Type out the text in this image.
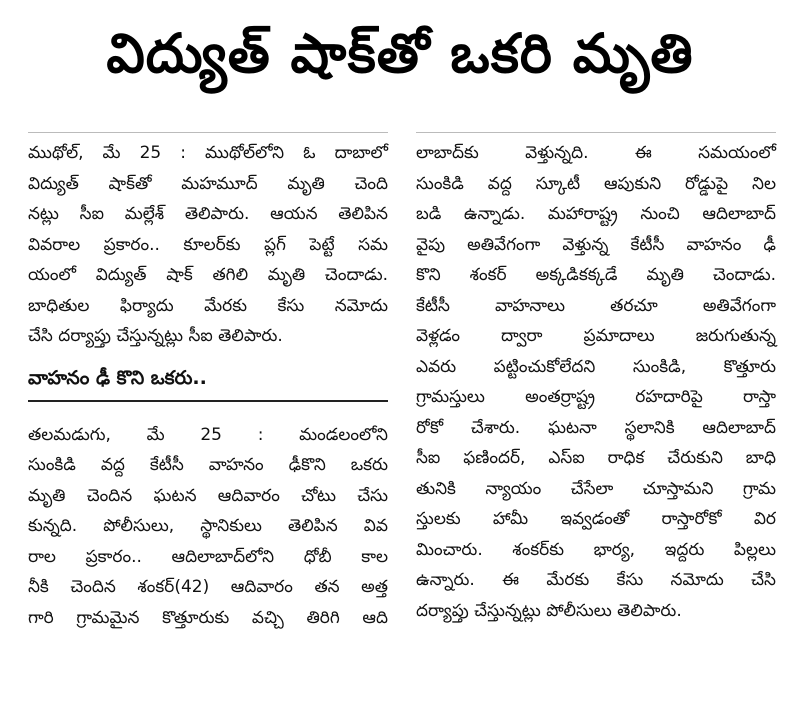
విద్యుత్ షాక్‌తో ఒకరి మృతి
ముథోల్, మే 25 : ముథోల్‌లోని ఓ దాబాలో
విద్యుత్ షాక్‌తో మహమూద్ మృతి చెంది
నట్లు సీఐ మల్లేశ్ తెలిపారు. ఆయన తెలిపిన
వివరాల ప్రకారం.. కూలర్‌కు ప్లగ్ పెట్టే సమ
యంలో విద్యుత్ షాక్ తగిలి మృతి చెందాడు.
బాధితుల ఫిర్యాదు మేరకు కేసు నమోదు
చేసి దర్యాప్తు చేస్తున్నట్లు సీఐ తెలిపారు.
వాహనం ఢీ కొని ఒకరు..
తలమడుగు, మే 25 : మండలంలోని
సుంకిడి వద్ద కేటీసీ వాహనం ఢీకొని ఒకరు
మృతి చెందిన ఘటన ఆదివారం చోటు చేసు
కున్నది. పోలీసులు, స్థానికులు తెలిపిన వివ
రాల ప్రకారం.. ఆదిలాబాద్‌లోని ధోబీ కాల
నీకి చెందిన శంకర్(42) ఆదివారం తన అత్త
గారి గ్రామమైన కొత్తూరుకు వచ్చి తిరిగి ఆది
లాబాద్‌కు వెళ్తున్నది. ఈ సమయంలో
సుంకిడి వద్ద స్కూటీ ఆపుకుని రోడ్డుపై నిల
బడి ఉన్నాడు. మహారాష్ట్ర నుంచి ఆదిలాబాద్
వైపు అతివేగంగా వెళ్తున్న కేటీసీ వాహనం ఢీ
కొని శంకర్ అక్కడికక్కడే మృతి చెందాడు.
కేటీసీ వాహనాలు తరచూ అతివేగంగా
వెళ్లడం ద్వారా ప్రమాదాలు జరుగుతున్న
ఎవరు పట్టించుకోలేదని సుంకిడి, కొత్తూరు
గ్రామస్తులు అంతర్రాష్ట్ర రహదారిపై రాస్తా
రోకో చేశారు. ఘటనా స్థలానికి ఆదిలాబాద్
సీఐ ఫణిందర్, ఎస్ఐ రాధిక చేరుకుని బాధి
తునికి న్యాయం చేసేలా చూస్తామని గ్రామ
స్తులకు హామీ ఇవ్వడంతో రాస్తారోకో విర
మించారు. శంకర్‌కు భార్య, ఇద్దరు పిల్లలు
ఉన్నారు. ఈ మేరకు కేసు నమోదు చేసి
దర్యాప్తు చేస్తున్నట్లు పోలీసులు తెలిపారు.
